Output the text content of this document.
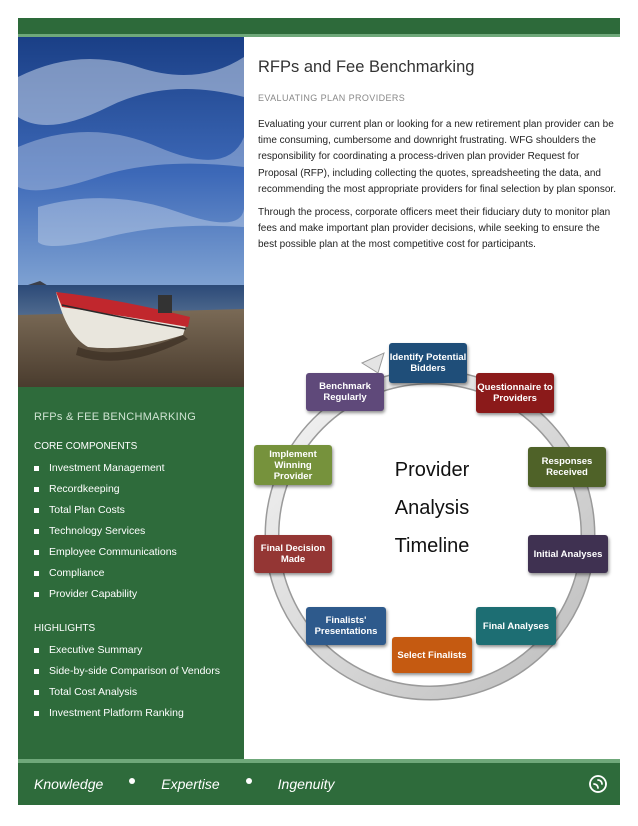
RFPs & FEE BENCHMARKING
CORE COMPONENTS
Investment Management
Recordkeeping
Total Plan Costs
Technology Services
Employee Communications
Compliance
Provider Capability
HIGHLIGHTS
Executive Summary
Side-by-side Comparison of Vendors
Total Cost Analysis
Investment Platform Ranking
RFPs and Fee Benchmarking
EVALUATING PLAN PROVIDERS

Evaluating your current plan or looking for a new retirement plan provider can be time consuming, cumbersome and downright frustrating. WFG shoulders the responsibility for coordinating a process-driven plan provider Request for Proposal (RFP), including collecting the quotes, spreadsheeting the data, and recommending the most appropriate providers for final selection by plan sponsor.

Through the process, corporate officers meet their fiduciary duty to monitor plan fees and make important plan provider decisions, while seeking to ensure the best possible plan at the most competitive cost for participants.

Provider
Analysis
Timeline
Identify Potential Bidders
Questionnaire to Providers
Responses Received
Initial Analyses
Final Analyses
Select Finalists
Finalists' Presentations
Final Decision Made
Implement Winning Provider
Benchmark Regularly
Knowledge	Expertise	Ingenuity
